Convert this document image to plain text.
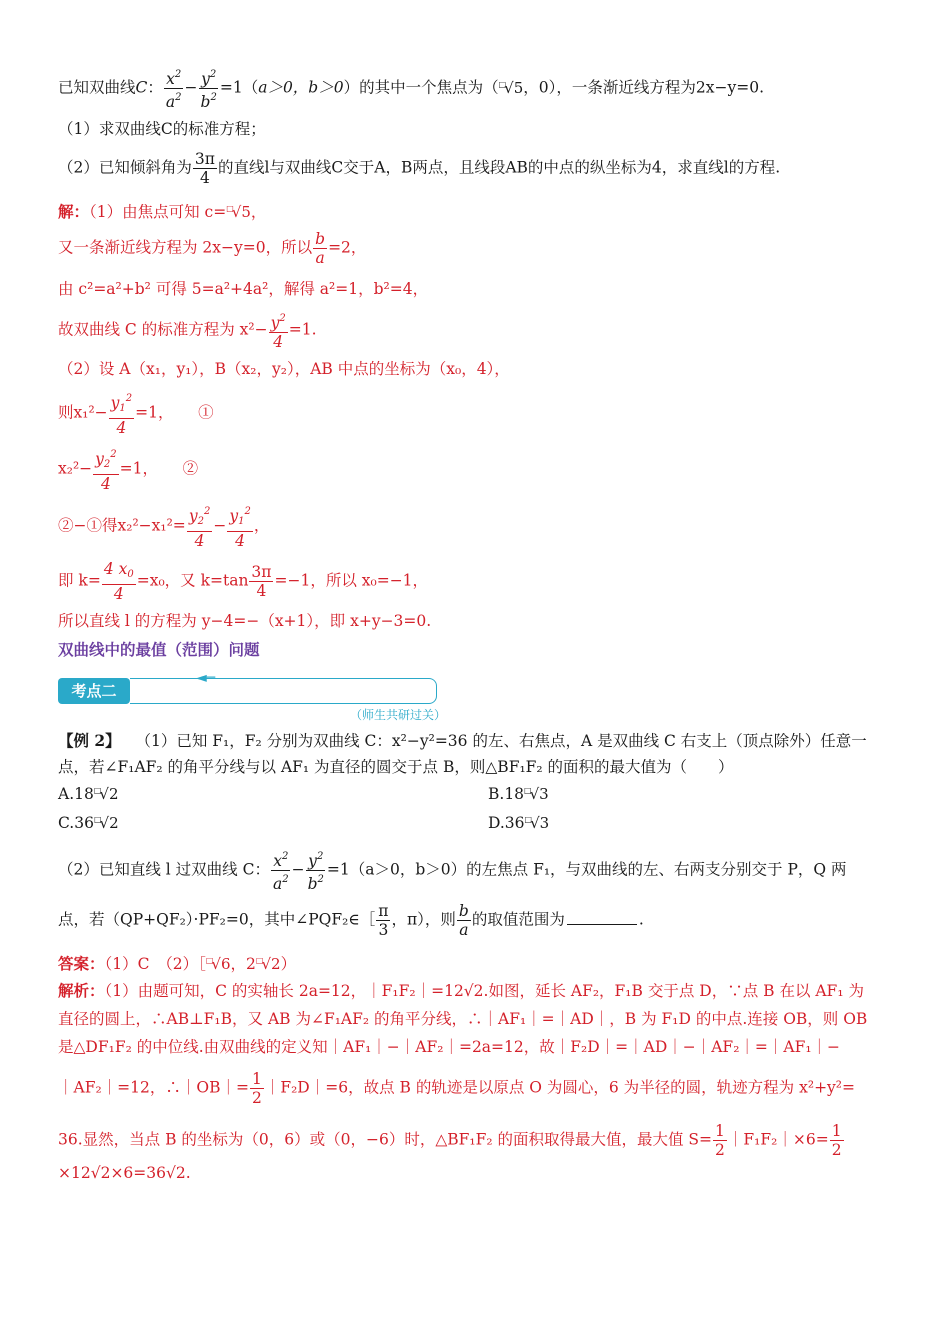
已知双曲线C： $\frac{x^2}{a^2} - \frac{y^2}{b^2} =1(a>0$，b＞0）的其中一个焦点为（□√5，0），一条渐近线方程为2x−y=0.
（1）求双曲线C的标准方程；
（2）已知倾斜角为 $\frac{3\pi}{4}$ 的直线l与双曲线C交于A，B两点，且线段AB的中点的纵坐标为4，求直线l的方程.
解：（1）由焦点可知 c=□√5，
又一条渐近线方程为 2x−y=0，所以 $\frac{b}{a} =2$，
由 c²=a²+b² 可得 5=a²+4a²，解得 a²=1，b²=4，
故双曲线 C 的标准方程为 $x^2- \frac{y^2}{4} =1$.
（2）设 A（x₁，y₁），B（x₂，y₂），AB 中点的坐标为（x₀，4），
则$x_1^2- \frac{y_1^2}{4} =1$， ①
$x_2^2- \frac{y_2^2}{4} =1$， ②
②−①得$x_2^2-x_1^2= \frac{y_2^2}{4} - \frac{y_1^2}{4}$ ，
即 $k= \frac{4 x_0}{4} =x_0$，又 $k=\tan \frac{3\pi}{4} =-1$，所以 x₀=−1，
所以直线 l 的方程为 y−4=−（x+1），即 x+y−3=0.
双曲线中的最值（范围）问题
考点二
◄─
（师生共研过关）
【例 2】 （1）已知 F₁，F₂ 分别为双曲线 C：x²−y²=36 的左、右焦点，A 是双曲线 C 右支上（顶点除外）任意一
点，若∠F₁AF₂ 的角平分线与以 AF₁ 为直径的圆交于点 B，则△BF₁F₂ 的面积的最大值为（　　）
A.18□√2	B.18□√3
C.36□√2	D.36□√3
（2）已知直线 l 过双曲线 C： $\frac{x^2}{a^2} - \frac{y^2}{b^2} =1(a>0$，b＞0）的左焦点 F₁，与双曲线的左、右两支分别交于 P，Q 两
点，若（QP+QF₂）·PF₂=0，其中∠PQF₂∈［ $\frac{\pi}{3}$ ，π），则 $\frac{b}{a}$ 的取值范围为	.
答案：（1）C　（2）［□√6，2□√2）
解析：（1）由题可知，C 的实轴长 2a=12，｜F₁F₂｜=12√2.如图，延长 AF₂，F₁B 交于点 D，∵点 B 在以 AF₁ 为
直径的圆上，∴AB⊥F₁B，又 AB 为∠F₁AF₂ 的角平分线，∴｜AF₁｜=｜AD｜，B 为 F₁D 的中点.连接 OB，则 OB
是△DF₁F₂ 的中位线.由双曲线的定义知｜AF₁｜−｜AF₂｜=2a=12，故｜F₂D｜=｜AD｜−｜AF₂｜=｜AF₁｜−
｜AF₂｜=12，∴｜OB｜= $\frac{1}{2}$ ｜F₂D｜=6，故点 B 的轨迹是以原点 O 为圆心，6 为半径的圆，轨迹方程为 x²+y²=
36.显然，当点 B 的坐标为（0，6）或（0，−6）时，△BF₁F₂ 的面积取得最大值，最大值 $S= \frac{1}{2}$ ｜F₁F₂｜×6= $\frac{1}{2}$
×12√2×6=36√2.
